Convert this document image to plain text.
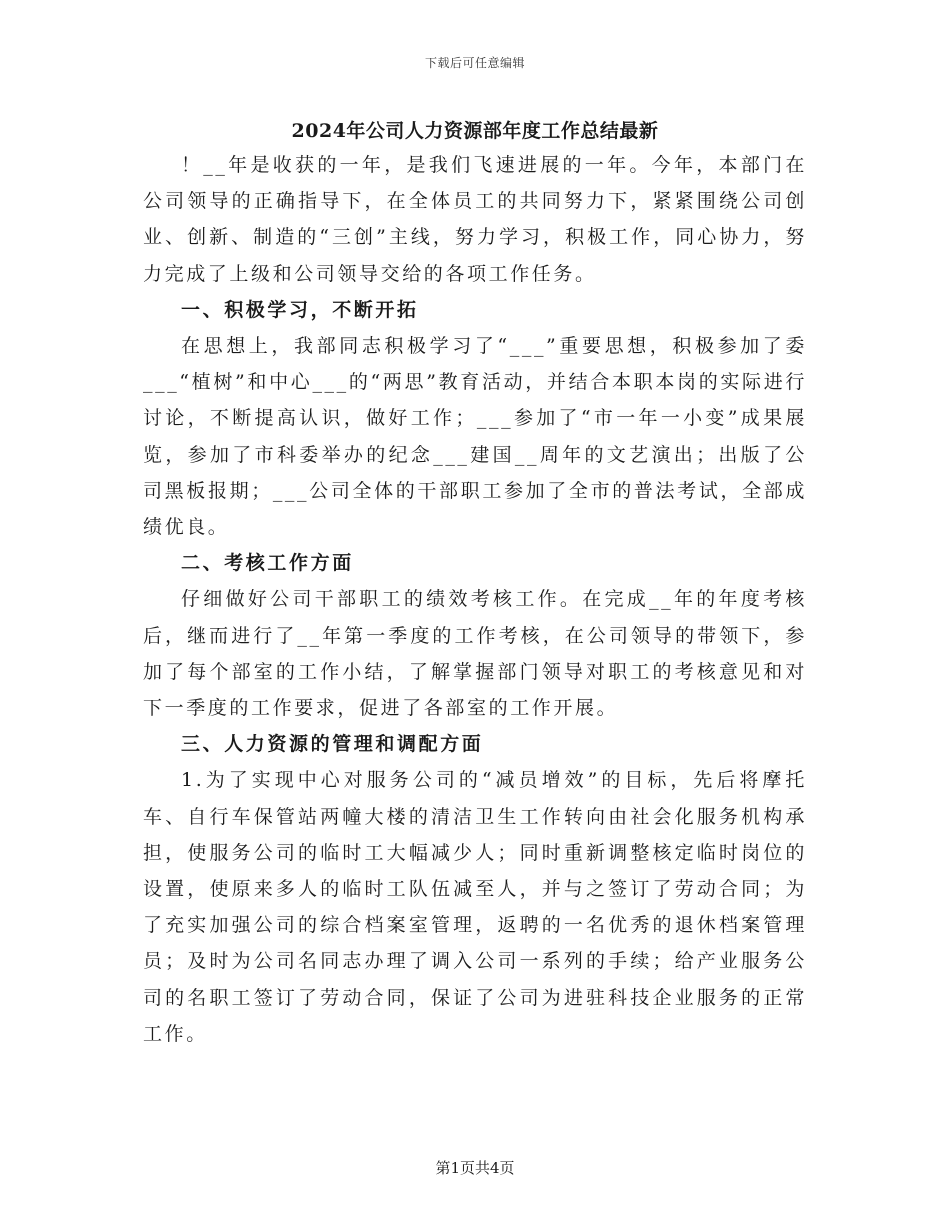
下载后可任意编辑
2024年公司人力资源部年度工作总结最新

！__年是收获的一年，是我们飞速进展的一年。今年，本部门在公司领导的正确指导下，在全体员工的共同努力下，紧紧围绕公司创业、创新、制造的“三创”主线，努力学习，积极工作，同心协力，努力完成了上级和公司领导交给的各项工作任务。

一、积极学习，不断开拓

在思想上，我部同志积极学习了“___”重要思想，积极参加了委___“植树”和中心___的“两思”教育活动，并结合本职本岗的实际进行讨论，不断提高认识，做好工作；___参加了“市一年一小变”成果展览，参加了市科委举办的纪念___建国__周年的文艺演出；出版了公司黑板报期；___公司全体的干部职工参加了全市的普法考试，全部成绩优良。

二、考核工作方面

仔细做好公司干部职工的绩效考核工作。在完成__年的年度考核后，继而进行了__年第一季度的工作考核，在公司领导的带领下，参加了每个部室的工作小结，了解掌握部门领导对职工的考核意见和对下一季度的工作要求，促进了各部室的工作开展。

三、人力资源的管理和调配方面

1.为了实现中心对服务公司的“减员增效”的目标，先后将摩托车、自行车保管站两幢大楼的清洁卫生工作转向由社会化服务机构承担，使服务公司的临时工大幅减少人；同时重新调整核定临时岗位的设置，使原来多人的临时工队伍减至人，并与之签订了劳动合同；为了充实加强公司的综合档案室管理，返聘的一名优秀的退休档案管理员；及时为公司名同志办理了调入公司一系列的手续；给产业服务公司的名职工签订了劳动合同，保证了公司为进驻科技企业服务的正常工作。

第1页共4页
